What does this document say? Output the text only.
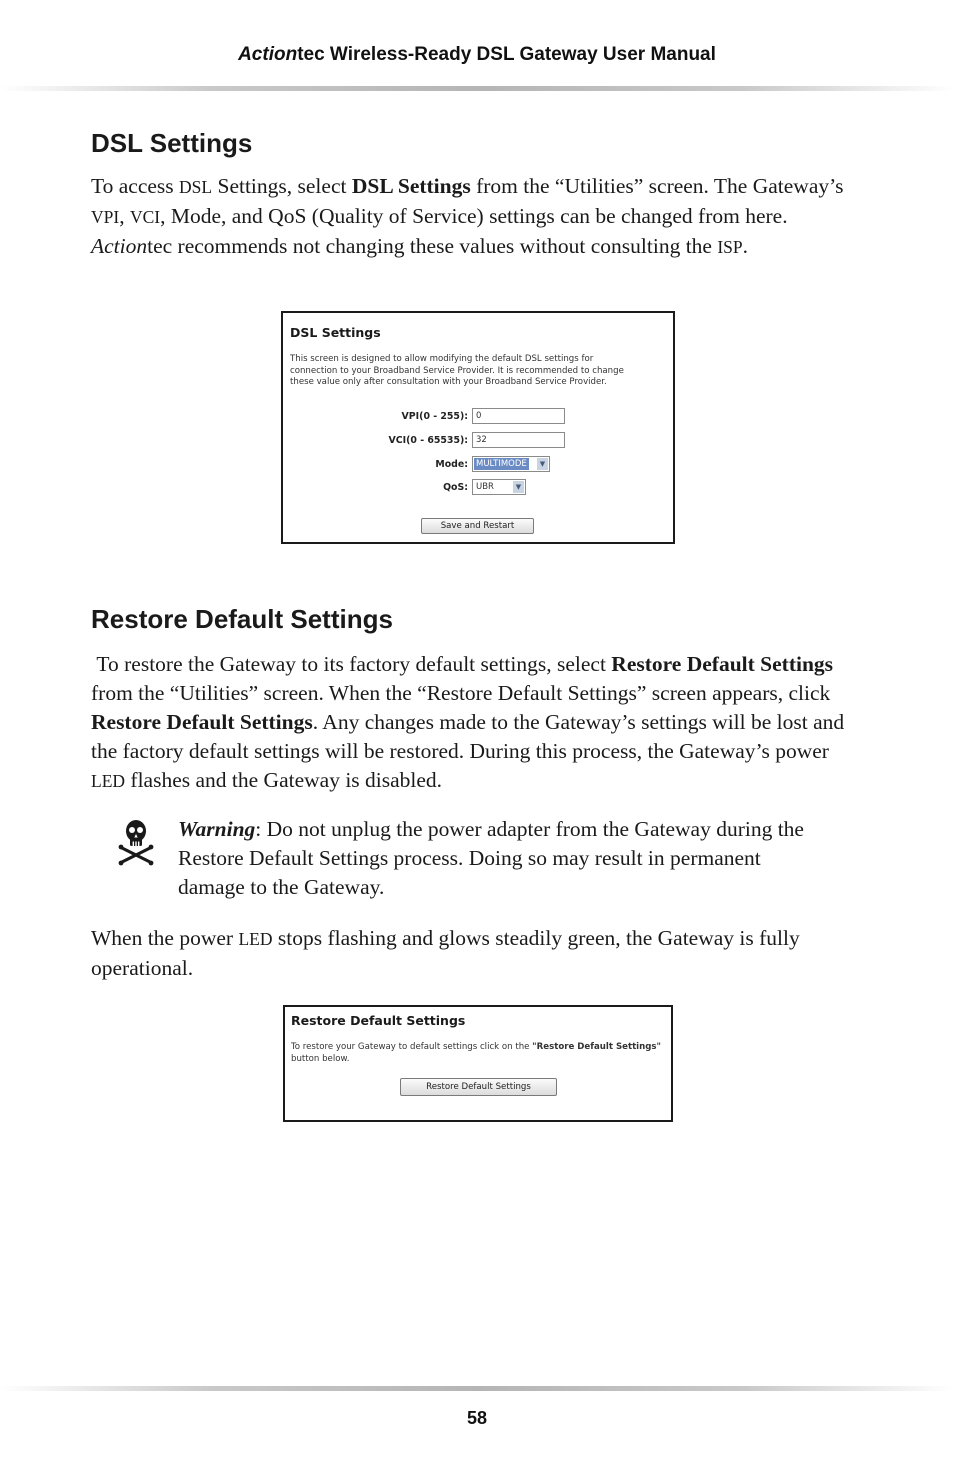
Actiontec Wireless-Ready DSL Gateway User Manual
DSL Settings
To access DSL Settings, select DSL Settings from the “Utilities” screen. The Gateway’s VPI, VCI, Mode, and QoS (Quality of Service) settings can be changed from here. Actiontec recommends not changing these values without consulting the ISP.
DSL Settings
This screen is designed to allow modifying the default DSL settings for
connection to your Broadband Service Provider. It is recommended to change
these value only after consultation with your Broadband Service Provider.
VPI(0 - 255): 0
VCI(0 - 65535): 32
Mode: MULTIMODE	▼
QoS: UBR	▼
Save and Restart
Restore Default Settings
To restore the Gateway to its factory default settings, select Restore Default Settings from the “Utilities” screen. When the “Restore Default Settings” screen appears, click Restore Default Settings. Any changes made to the Gateway’s settings will be lost and the factory default settings will be restored. During this process, the Gateway’s power LED flashes and the Gateway is disabled.
Warning: Do not unplug the power adapter from the Gateway during the Restore Default Settings process. Doing so may result in permanent damage to the Gateway.
When the power LED stops flashing and glows steadily green, the Gateway is fully operational.
Restore Default Settings
To restore your Gateway to default settings click on the "Restore Default Settings" button below.
Restore Default Settings
58
